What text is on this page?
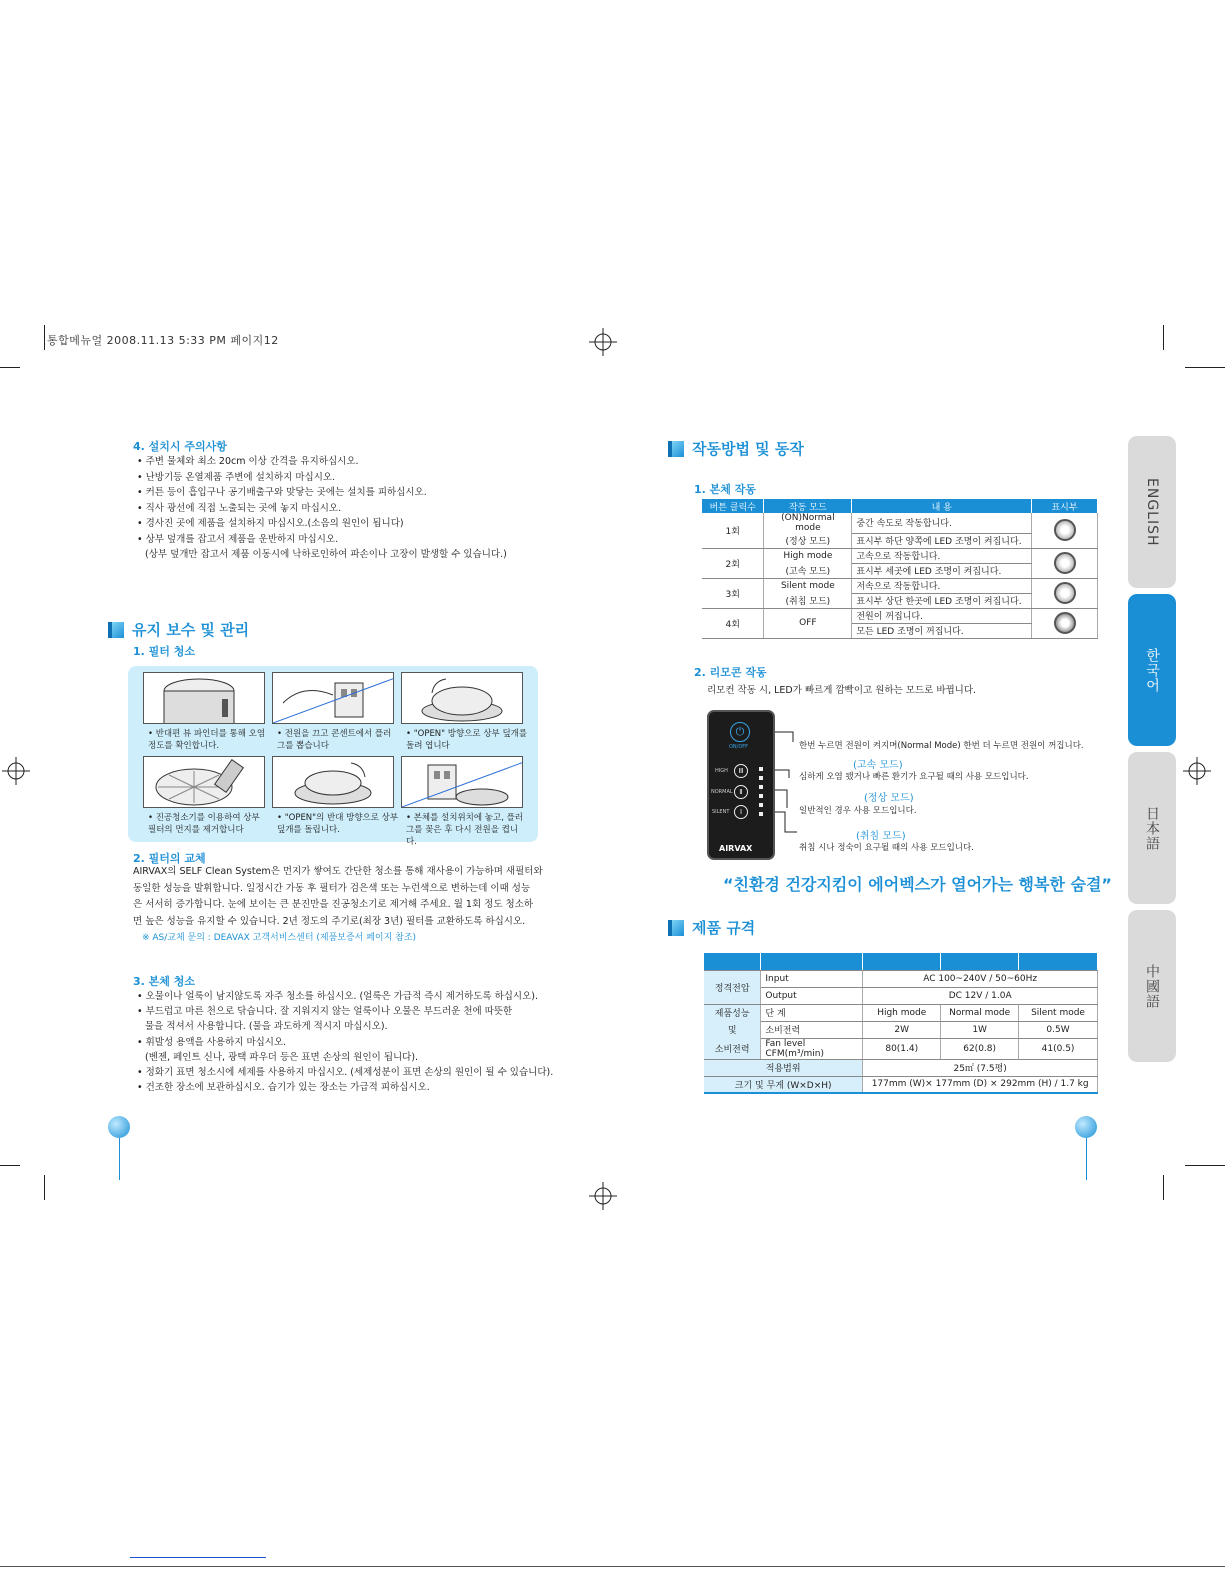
통합메뉴얼 2008.11.13 5:33 PM 페이지12
4. 설치시 주의사항
• 주변 물체와 최소 20cm 이상 간격을 유지하십시오.
• 난방기등 온열제품 주변에 설치하지 마십시오.
• 커튼 등이 흡입구나 공기배출구와 맞닿는 곳에는 설치를 피하십시오.
• 직사 광선에 직접 노출되는 곳에 놓지 마십시오.
• 경사진 곳에 제품을 설치하지 마십시오.(소음의 원인이 됩니다)
• 상부 덮개를 잡고서 제품을 운반하지 마십시오.
(상부 덮개만 잡고서 제품 이동시에 낙하로인하여 파손이나 고장이 발생할 수 있습니다.)
유지 보수 및 관리
1. 필터 청소
• 반대편 뷰 파인더를 통해 오염정도를 확인합니다.
• 전원을 끄고 콘센트에서 플러그를 뽑습니다
• "OPEN" 방향으로 상부 덮개를 돌려 엽니다
• 진공청소기를 이용하여 상부 필터의 먼지를 제거합니다
• "OPEN"의 반대 방향으로 상부 덮개를 돌립니다.
• 본체를 설치위치에 놓고, 플러그를 꽂은 후 다시 전원을 켭니다.
2. 필터의 교체
AIRVAX의 SELF Clean System은 먼지가 쌓여도 간단한 청소를 통해 재사용이 가능하며 새필터와
동일한 성능을 발휘합니다. 일정시간 가동 후 필터가 검은색 또는 누런색으로 변하는데 이때 성능
은 서서히 증가합니다. 눈에 보이는 큰 분진만을 진공청소기로 제거해 주세요. 월 1회 정도 청소하
면 높은 성능을 유지할 수 있습니다. 2년 정도의 주기로(최장 3년) 필터를 교환하도록 하십시오.
※ AS/교체 문의 : DEAVAX 고객서비스센터 (제품보증서 페이지 참조)
3. 본체 청소
• 오물이나 얼룩이 남지않도록 자주 청소를 하십시오. (얼룩은 가급적 즉시 제거하도록 하십시오).
• 부드럽고 마른 천으로 닦습니다. 잘 지워지지 않는 얼룩이나 오물은 부드러운 천에 따뜻한
물을 적셔서 사용합니다. (물을 과도하게 적시지 마십시오).
• 휘발성 용액을 사용하지 마십시오.
(벤젠, 페인트 신나, 광택 파우더 등은 표면 손상의 원인이 됩니다).
• 정화기 표면 청소시에 세제를 사용하지 마십시오. (세제성분이 표면 손상의 원인이 될 수 있습니다).
• 건조한 장소에 보관하십시오. 습기가 있는 장소는 가급적 피하십시오.
작동방법 및 동작
1. 본체 작동
버튼 클릭수	작동 모드	내 용	표시부
1회	(ON)Normal mode	중간 속도로 작동합니다.	

	(정상 모드)	표시부 하단 양쪽에 LED 조명이 켜집니다.	
2회	High mode	고속으로 작동합니다.	

	(고속 모드)	표시부 세곳에 LED 조명이 켜집니다.	
3회	Silent mode	저속으로 작동합니다.	

	(취침 모드)	표시부 상단 한곳에 LED 조명이 켜집니다.	
4회	OFF	전원이 꺼집니다.	

		모든 LED 조명이 꺼집니다.	
2. 리모콘 작동
리모컨 작동 시, LED가 빠르게 깜빡이고 원하는 모드로 바뀝니다.
⏻
ON/OFF
HIGH	Ⅲ
NORMAL Ⅱ
SILENT	Ⅰ
AIRVAX
한번 누르면 전원이 켜지며(Normal Mode) 한번 더 누르면 전원이 꺼집니다.
(고속 모드)
심하게 오염 됐거나 빠른 환기가 요구될 때의 사용 모드입니다.
(정상 모드)
일반적인 경우 사용 모드입니다.
(취침 모드)
취침 시나 정숙이 요구될 때의 사용 모드입니다.
“친환경 건강지킴이 에어벡스가 열어가는 행복한 숨결”
제품 규격

정격전압	Input	AC 100~240V / 50~60Hz		
	Output	DC 12V / 1.0A		
제품성능	단 계	High mode	Normal mode	Silent mode
및	소비전력	2W	1W	0.5W
소비전력	Fan level CFM(m³/min)	80(1.4)	62(0.8)	41(0.5)
적용범위		25㎡ (7.5평)		
크기 및 무게 (W×D×H)		177mm (W)× 177mm (D) × 292mm (H) / 1.7 kg		
ENGLISH
한국어
日本語
中國語
